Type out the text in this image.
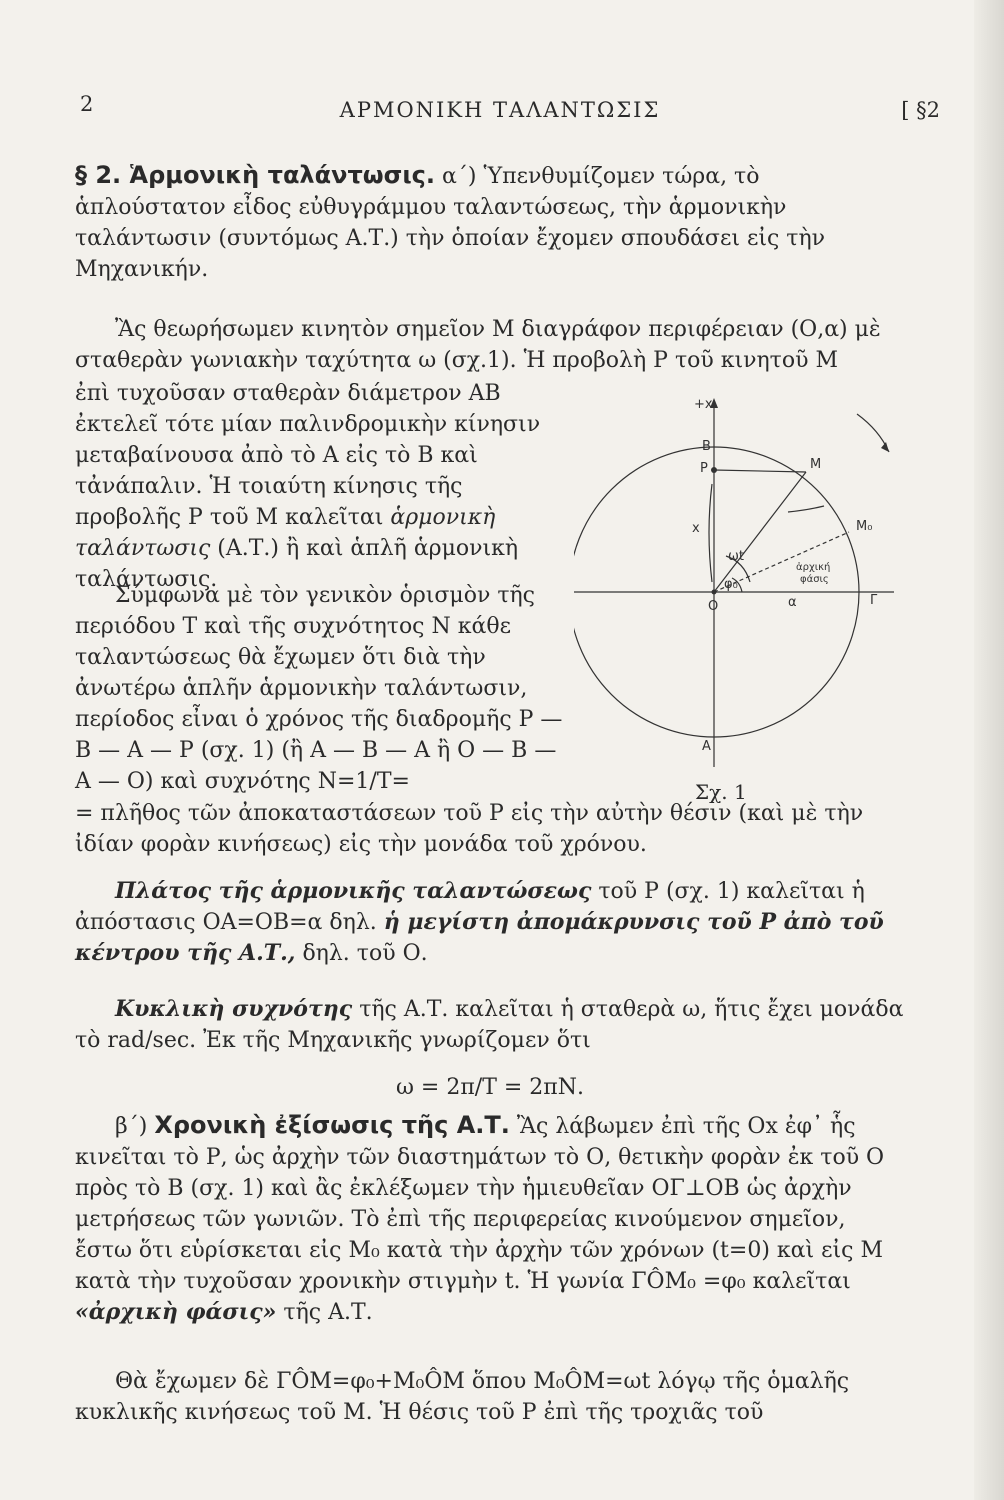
2	ΑΡΜΟΝΙΚΗ ΤΑΛΑΝΤΩΣΙΣ	[ §2

§ 2. Ἁρμονικὴ ταλάντωσις. α΄) Ὑπενθυμίζομεν τώρα, τὸ ἁπλούστατον εἶδος εὐθυγράμμου ταλαντώσεως, τὴν ἁρμονικὴν ταλάντωσιν (συντόμως Α.Τ.) τὴν ὁποίαν ἔχομεν σπουδάσει εἰς τὴν Μηχανικήν.

Ἂς θεωρήσωμεν κινητὸν σημεῖον Μ διαγράφον περιφέρειαν (Ο,α) μὲ σταθερὰν γωνιακὴν ταχύτητα ω (σχ.1). Ἡ προβολὴ Ρ τοῦ κινητοῦ Μ

ἐπὶ τυχοῦσαν σταθερὰν διάμετρον ΑΒ ἐκτελεῖ τότε μίαν παλινδρομικὴν κίνησιν μεταβαίνουσα ἀπὸ τὸ Α εἰς τὸ Β καὶ τἀνάπαλιν. Ἡ τοιαύτη κίνησις τῆς προβολῆς Ρ τοῦ Μ καλεῖται ἁρμονικὴ ταλάντωσις (Α.Τ.) ἢ καὶ ἁπλῆ ἁρμονικὴ ταλάντωσις.

Σύμφωνα μὲ τὸν γενικὸν ὁρισμὸν τῆς περιόδου Τ καὶ τῆς συχνότητος Ν κάθε ταλαντώσεως θὰ ἔχωμεν ὅτι διὰ τὴν ἀνωτέρω ἁπλῆν ἁρμονικὴν ταλάντωσιν, περίοδος εἶναι ὁ χρόνος τῆς διαδρομῆς Ρ — Β — Α — Ρ (σχ. 1) (ἢ Α — Β — Α ἢ Ο — Β — Α — Ο) καὶ συχνότης Ν=1/Τ=

= πλῆθος τῶν ἀποκαταστάσεων τοῦ Ρ εἰς τὴν αὐτὴν θέσιν (καὶ μὲ τὴν ἰδίαν φορὰν κινήσεως) εἰς τὴν μονάδα τοῦ χρόνου.

Πλάτος τῆς ἁρμονικῆς ταλαντώσεως τοῦ Ρ (σχ. 1) καλεῖται ἡ ἀπόστασις ΟΑ=ΟΒ=α δηλ. ἡ μεγίστη ἀπομάκρυνσις τοῦ Ρ ἀπὸ τοῦ κέντρου τῆς Α.Τ., δηλ. τοῦ Ο.

Κυκλικὴ συχνότης τῆς Α.Τ. καλεῖται ἡ σταθερὰ ω, ἥτις ἔχει μονάδα τὸ rad/sec. Ἐκ τῆς Μηχανικῆς γνωρίζομεν ὅτι

ω = 2π/Τ = 2πΝ.

β΄) Χρονικὴ ἐξίσωσις τῆς Α.Τ. Ἂς λάβωμεν ἐπὶ τῆς Οx ἐφ᾿ ἧς κινεῖται τὸ Ρ, ὡς ἀρχὴν τῶν διαστημάτων τὸ Ο, θετικὴν φορὰν ἐκ τοῦ Ο πρὸς τὸ Β (σχ. 1) καὶ ἂς ἐκλέξωμεν τὴν ἡμιευθεῖαν ΟΓ⊥ΟΒ ὡς ἀρχὴν μετρήσεως τῶν γωνιῶν. Τὸ ἐπὶ τῆς περιφερείας κινούμενον σημεῖον, ἔστω ὅτι εὑρίσκεται εἰς Μ₀ κατὰ τὴν ἀρχὴν τῶν χρόνων (t=0) καὶ εἰς Μ κατὰ τὴν τυχοῦσαν χρονικὴν στιγμὴν t. Ἡ γωνία ΓÔΜ₀ =φ₀ καλεῖται «ἀρχικὴ φάσις» τῆς Α.Τ.

Θὰ ἔχωμεν δὲ ΓÔΜ=φ₀+Μ₀ÔΜ ὅπου Μ₀ÔΜ=ωt λόγῳ τῆς ὁμαλῆς κυκλικῆς κινήσεως τοῦ Μ. Ἡ θέσις τοῦ Ρ ἐπὶ τῆς τροχιᾶς τοῦ

+x
B
P	M
M₀
x
ωt
φ₀
ἀρχική
φάσις
O	α	Γ
A
Σχ. 1
